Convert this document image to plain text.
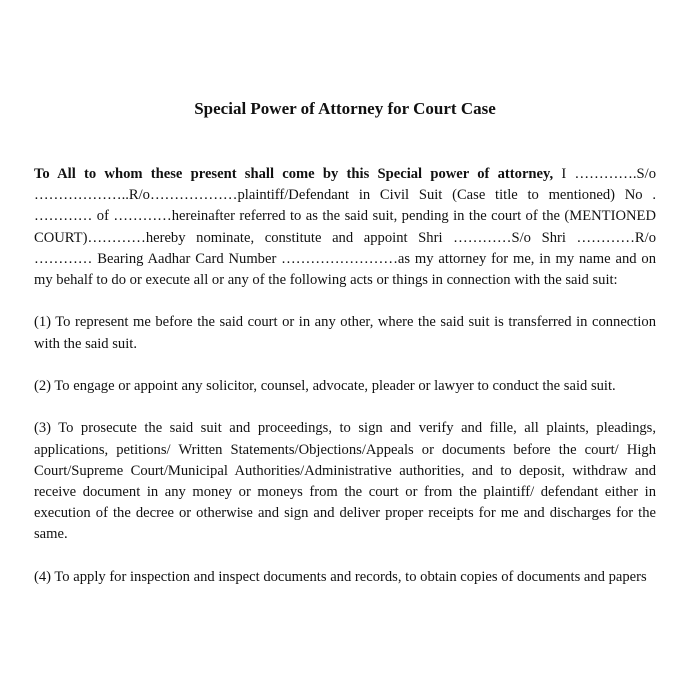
Special Power of Attorney for Court Case

To All to whom these present shall come by this Special power of attorney, I ………….S/o ………………..R/o………………plaintiff/Defendant in Civil Suit (Case title to mentioned) No . ………… of …………hereinafter referred to as the said suit, pending in the court of the (MENTIONED COURT)…………hereby nominate, constitute and appoint Shri …………S/o Shri …………R/o ………… Bearing Aadhar Card Number ……………………as my attorney for me, in my name and on my behalf to do or execute all or any of the following acts or things in connection with the said suit:

(1) To represent me before the said court or in any other, where the said suit is transferred in connection with the said suit.

(2) To engage or appoint any solicitor, counsel, advocate, pleader or lawyer to conduct the said suit.

(3) To prosecute the said suit and proceedings, to sign and verify and fille, all plaints, pleadings, applications, petitions/ Written Statements/Objections/Appeals or documents before the court/ High Court/Supreme Court/Municipal Authorities/Administrative authorities, and to deposit, withdraw and receive document in any money or moneys from the court or from the plaintiff/ defendant either in execution of the decree or otherwise and sign and deliver proper receipts for me and discharges for the same.

(4) To apply for inspection and inspect documents and records, to obtain copies of documents and papers
